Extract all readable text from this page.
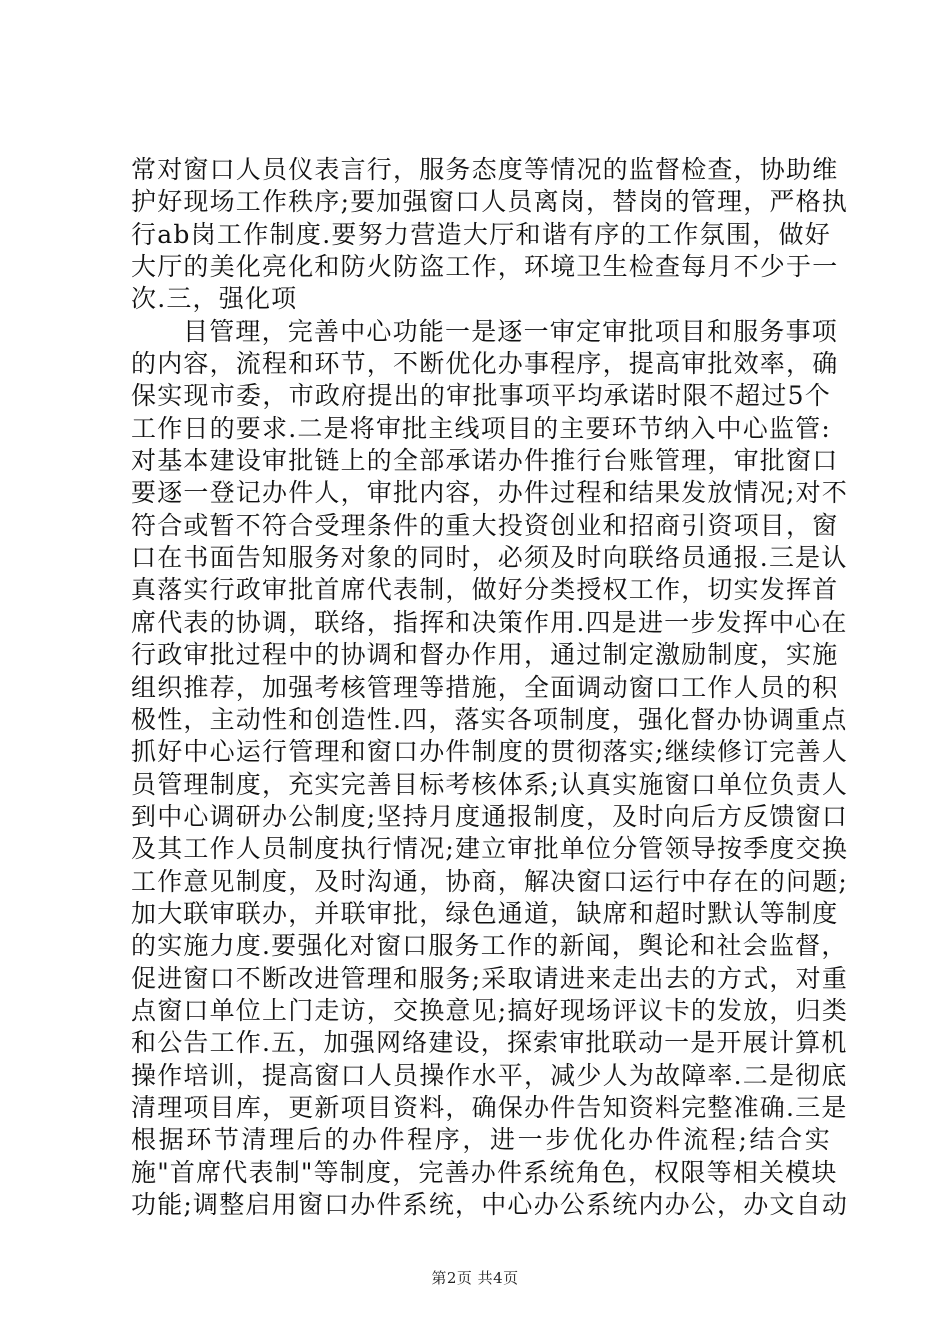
常对窗口人员仪表言行，服务态度等情况的监督检查，协助维
护好现场工作秩序;要加强窗口人员离岗，替岗的管理，严格执
行ab岗工作制度.要努力营造大厅和谐有序的工作氛围，做好
大厅的美化亮化和防火防盗工作，环境卫生检查每月不少于一
次.三，强化项
目管理，完善中心功能一是逐一审定审批项目和服务事项
的内容，流程和环节，不断优化办事程序，提高审批效率，确
保实现市委，市政府提出的审批事项平均承诺时限不超过5个
工作日的要求.二是将审批主线项目的主要环节纳入中心监管:
对基本建设审批链上的全部承诺办件推行台账管理，审批窗口
要逐一登记办件人，审批内容，办件过程和结果发放情况;对不
符合或暂不符合受理条件的重大投资创业和招商引资项目，窗
口在书面告知服务对象的同时，必须及时向联络员通报.三是认
真落实行政审批首席代表制，做好分类授权工作，切实发挥首
席代表的协调，联络，指挥和决策作用.四是进一步发挥中心在
行政审批过程中的协调和督办作用，通过制定激励制度，实施
组织推荐，加强考核管理等措施，全面调动窗口工作人员的积
极性，主动性和创造性.四，落实各项制度，强化督办协调重点
抓好中心运行管理和窗口办件制度的贯彻落实;继续修订完善人
员管理制度，充实完善目标考核体系;认真实施窗口单位负责人
到中心调研办公制度;坚持月度通报制度，及时向后方反馈窗口
及其工作人员制度执行情况;建立审批单位分管领导按季度交换
工作意见制度，及时沟通，协商，解决窗口运行中存在的问题;
加大联审联办，并联审批，绿色通道，缺席和超时默认等制度
的实施力度.要强化对窗口服务工作的新闻，舆论和社会监督，
促进窗口不断改进管理和服务;采取请进来走出去的方式，对重
点窗口单位上门走访，交换意见;搞好现场评议卡的发放，归类
和公告工作.五，加强网络建设，探索审批联动一是开展计算机
操作培训，提高窗口人员操作水平，减少人为故障率.二是彻底
清理项目库，更新项目资料，确保办件告知资料完整准确.三是
根据环节清理后的办件程序，进一步优化办件流程;结合实
施"首席代表制"等制度，完善办件系统角色，权限等相关模块
功能;调整启用窗口办件系统，中心办公系统内办公，办文自动
第2页 共4页
